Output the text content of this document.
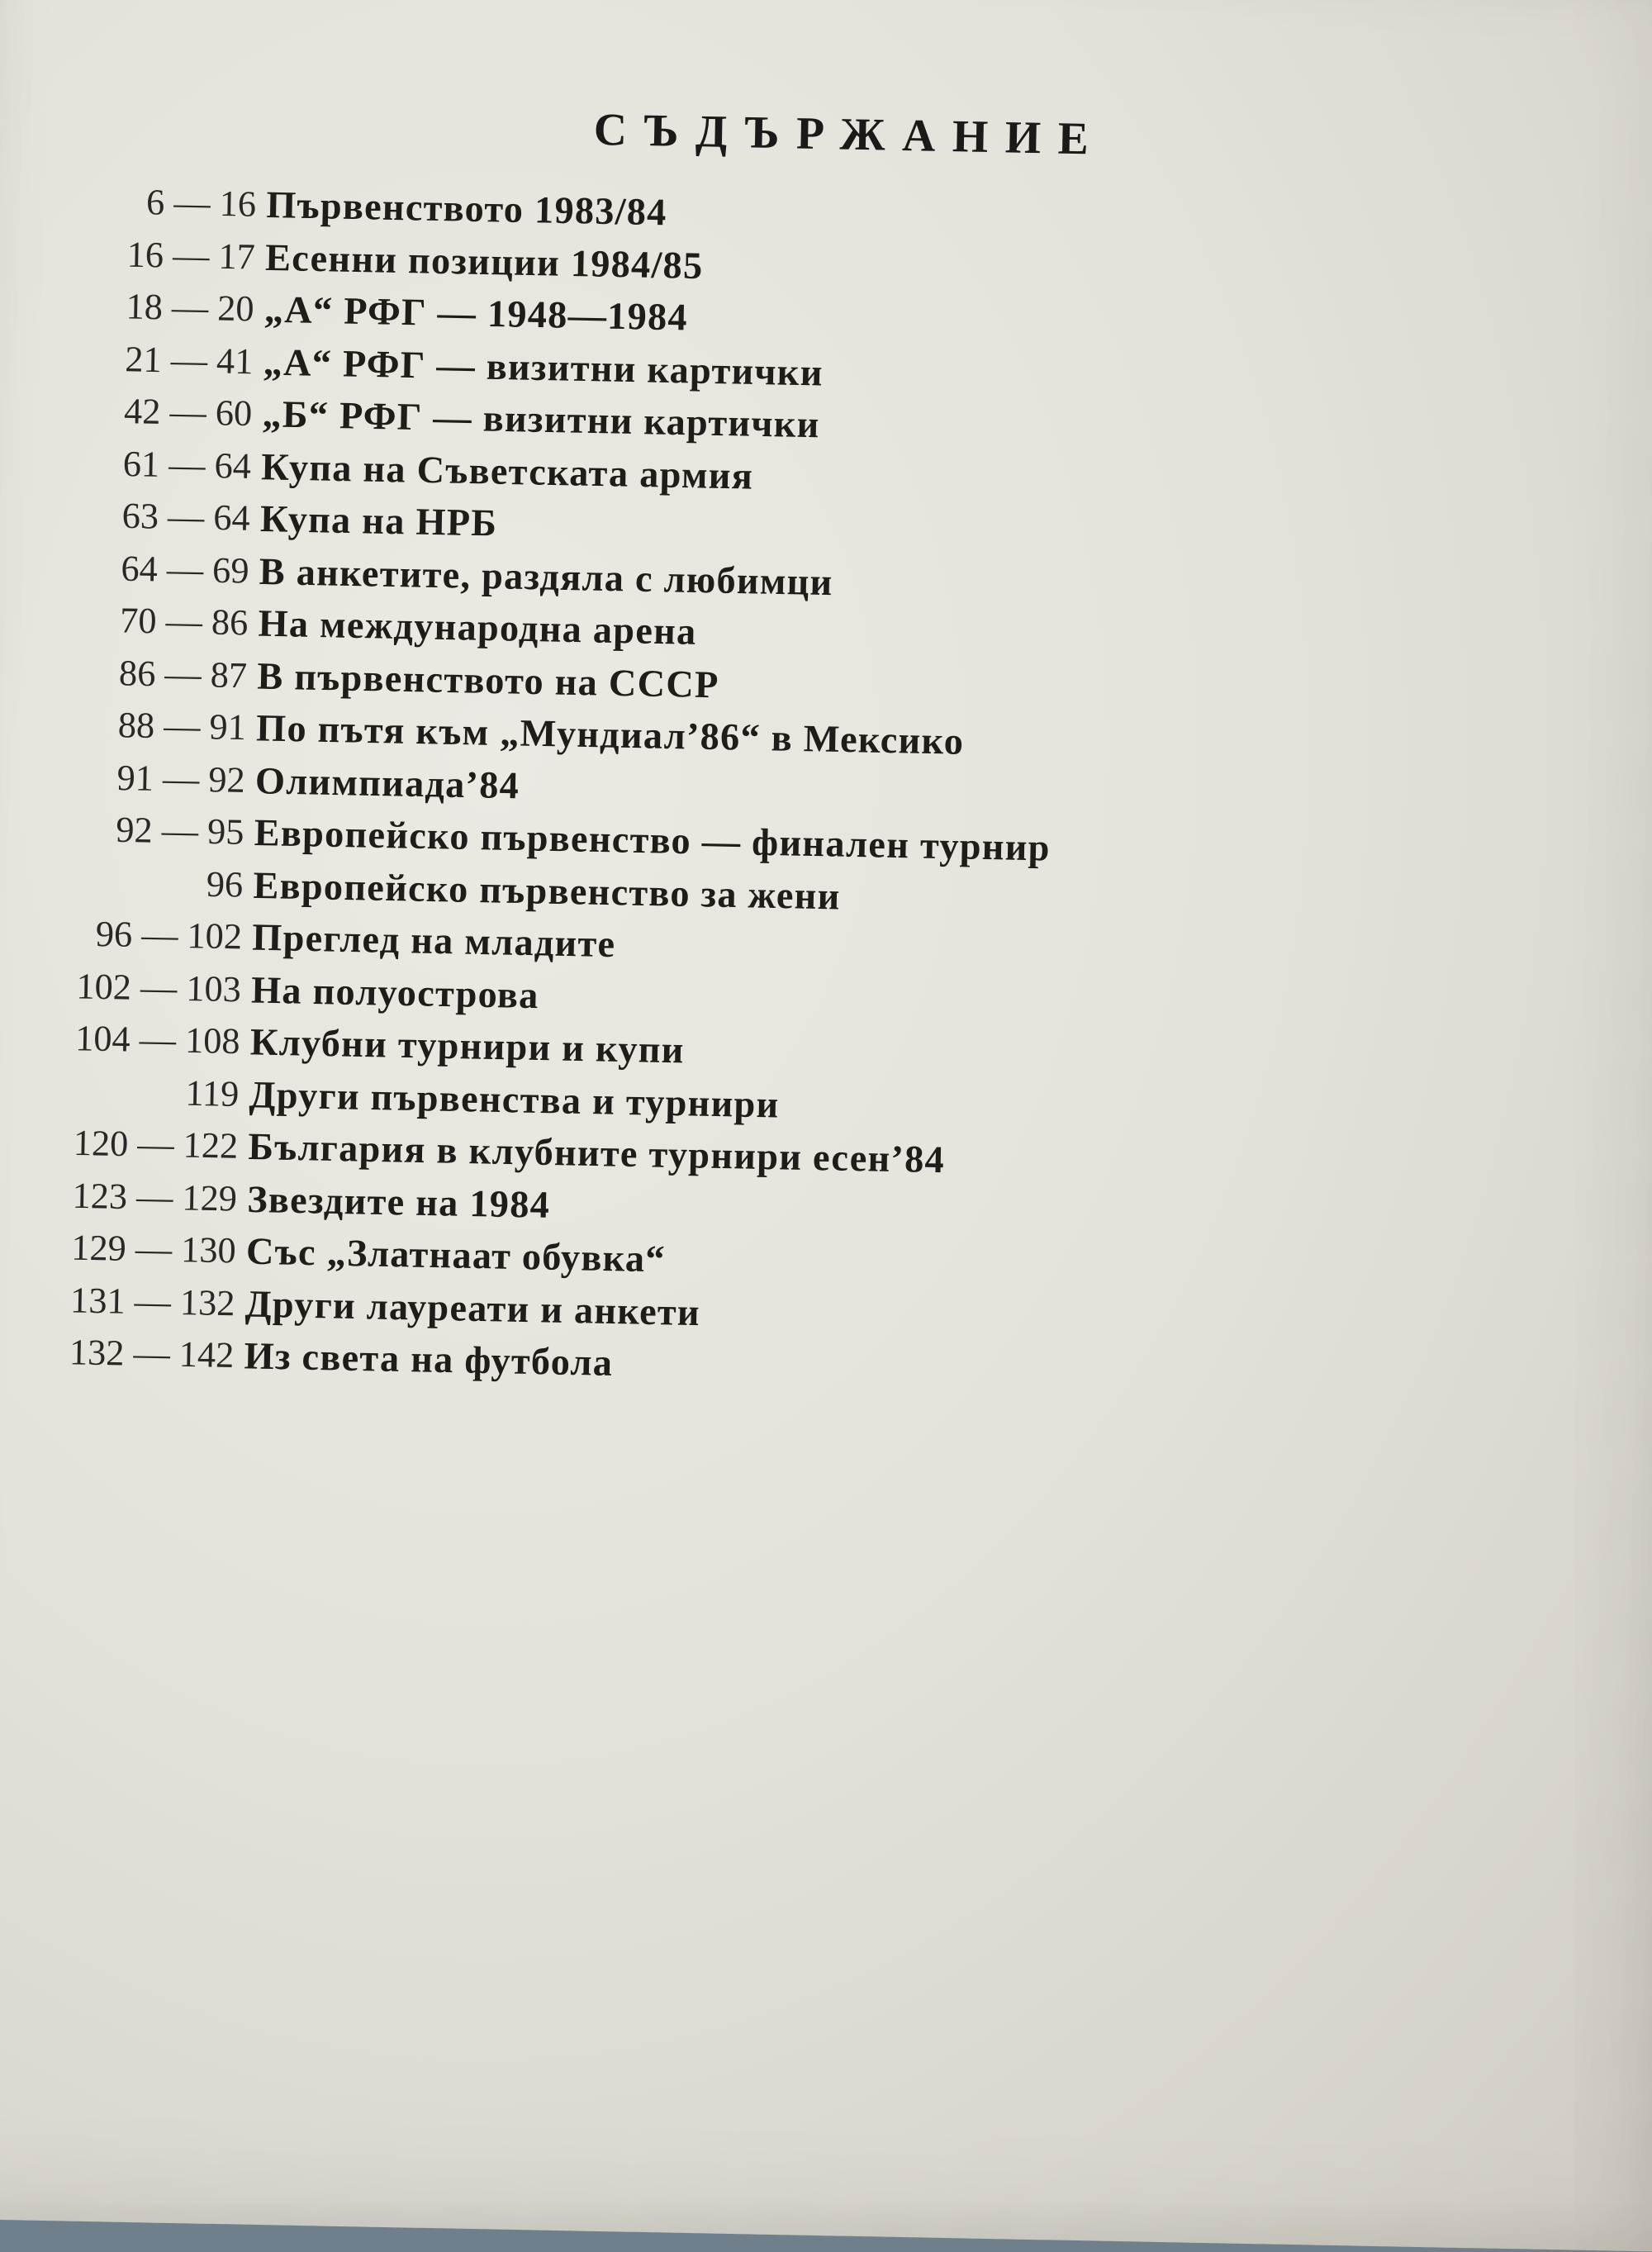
СЪДЪРЖАНИЕ
6 — 16 Първенството 1983/84
16 — 17 Есенни позиции 1984/85
18 — 20 „А“ РФГ — 1948—1984
21 — 41 „А“ РФГ — визитни картички
42 — 60 „Б“ РФГ — визитни картички
61 — 64 Купа на Съветската армия
63 — 64 Купа на НРБ
64 — 69 В анкетите, раздяла с любимци
70 — 86 На международна арена
86 — 87 В първенството на СССР
88 — 91 По пътя към „Мундиал’86“ в Мексико
91 — 92 Олимпиада’84
92 — 95 Европейско първенство — финален турнир
96 Европейско първенство за жени
96 — 102 Преглед на младите
102 — 103 На полуострова
104 — 108 Клубни турнири и купи
119 Други първенства и турнири
120 — 122 България в клубните турнири есен’84
123 — 129 Звездите на 1984
129 — 130 Със „Златнаат обувка“
131 — 132 Други лауреати и анкети
132 — 142 Из света на футбола
